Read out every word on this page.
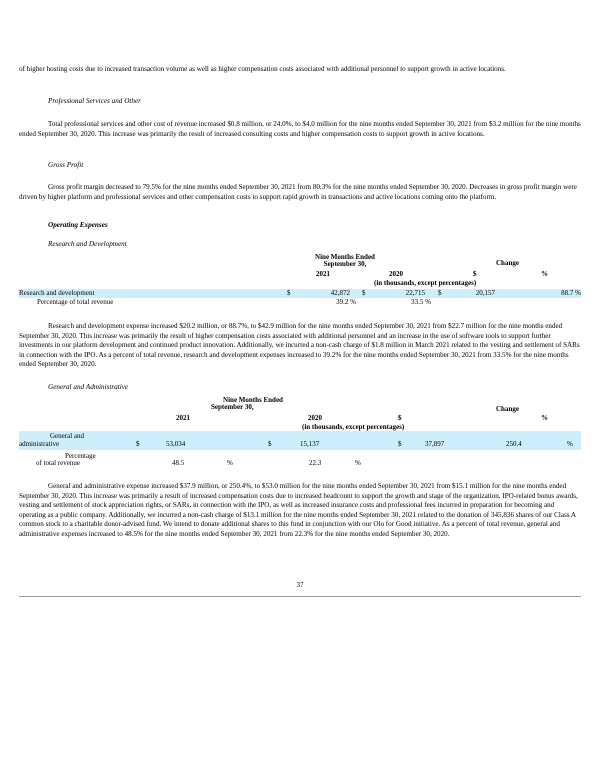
of higher hosting costs due to increased transaction volume as well as higher compensation costs associated with additional personnel to support growth in active locations.
Professional Services and Other
Total professional services and other cost of revenue increased $0.8 million, or 24.0%, to $4.0 million for the nine months ended September 30, 2021 from $3.2 million for the nine months ended September 30, 2020. This increase was primarily the result of increased consulting costs and higher compensation costs to support growth in active locations.
Gross Profit
Gross profit margin decreased to 79.5% for the nine months ended September 30, 2021 from 80.3% for the nine months ended September 30, 2020. Decreases in gross profit margin were driven by higher platform and professional services and other compensation costs to support rapid growth in transactions and active locations coming onto the platform.
Operating Expenses
Research and Development
Nine Months Ended
September 30,	Change
2021	2020	$	%
(in thousands, except percentages)
Research and development	$	42,872 $	22,715 $	20,157	88.7 %
Percentage of total revenue	39.2 %	33.5 %
Research and development expense increased $20.2 million, or 88.7%, to $42.9 million for the nine months ended September 30, 2021 from $22.7 million for the nine months ended September 30, 2020. This increase was primarily the result of higher compensation costs associated with additional personnel and an increase in the use of software tools to support further investments in our platform development and continued product innovation. Additionally, we incurred a non-cash charge of $1.8 million in March 2021 related to the vesting and settlement of SARs in connection with the IPO. As a percent of total revenue, research and development expenses increased to 39.2% for the nine months ended September 30, 2021 from 33.5% for the nine months ended September 30, 2020.
General and Administrative
Nine Months Ended
September 30,	Change
2021	2020	$	%
(in thousands, except percentages)
General and
administrative	$	53,034	$	15,137	$	37,897	250.4	%
Percentage
of total revenue	48.5	%	22.3	%
General and administrative expense increased $37.9 million, or 250.4%, to $53.0 million for the nine months ended September 30, 2021 from $15.1 million for the nine months ended September 30, 2020. This increase was primarily a result of increased compensation costs due to increased headcount to support the growth and stage of the organization, IPO-related bonus awards, vesting and settlement of stock appreciation rights, or SARs, in connection with the IPO, as well as increased insurance costs and professional fees incurred in preparation for becoming and operating as a public company. Additionally, we incurred a non-cash charge of $13.1 million for the nine months ended September 30, 2021 related to the donation of 345,836 shares of our Class A common stock to a charitable donor-advised fund. We intend to donate additional shares to this fund in conjunction with our Olo for Good initiative. As a percent of total revenue, general and administrative expenses increased to 48.5% for the nine months ended September 30, 2021 from 22.3% for the nine months ended September 30, 2020.
37
